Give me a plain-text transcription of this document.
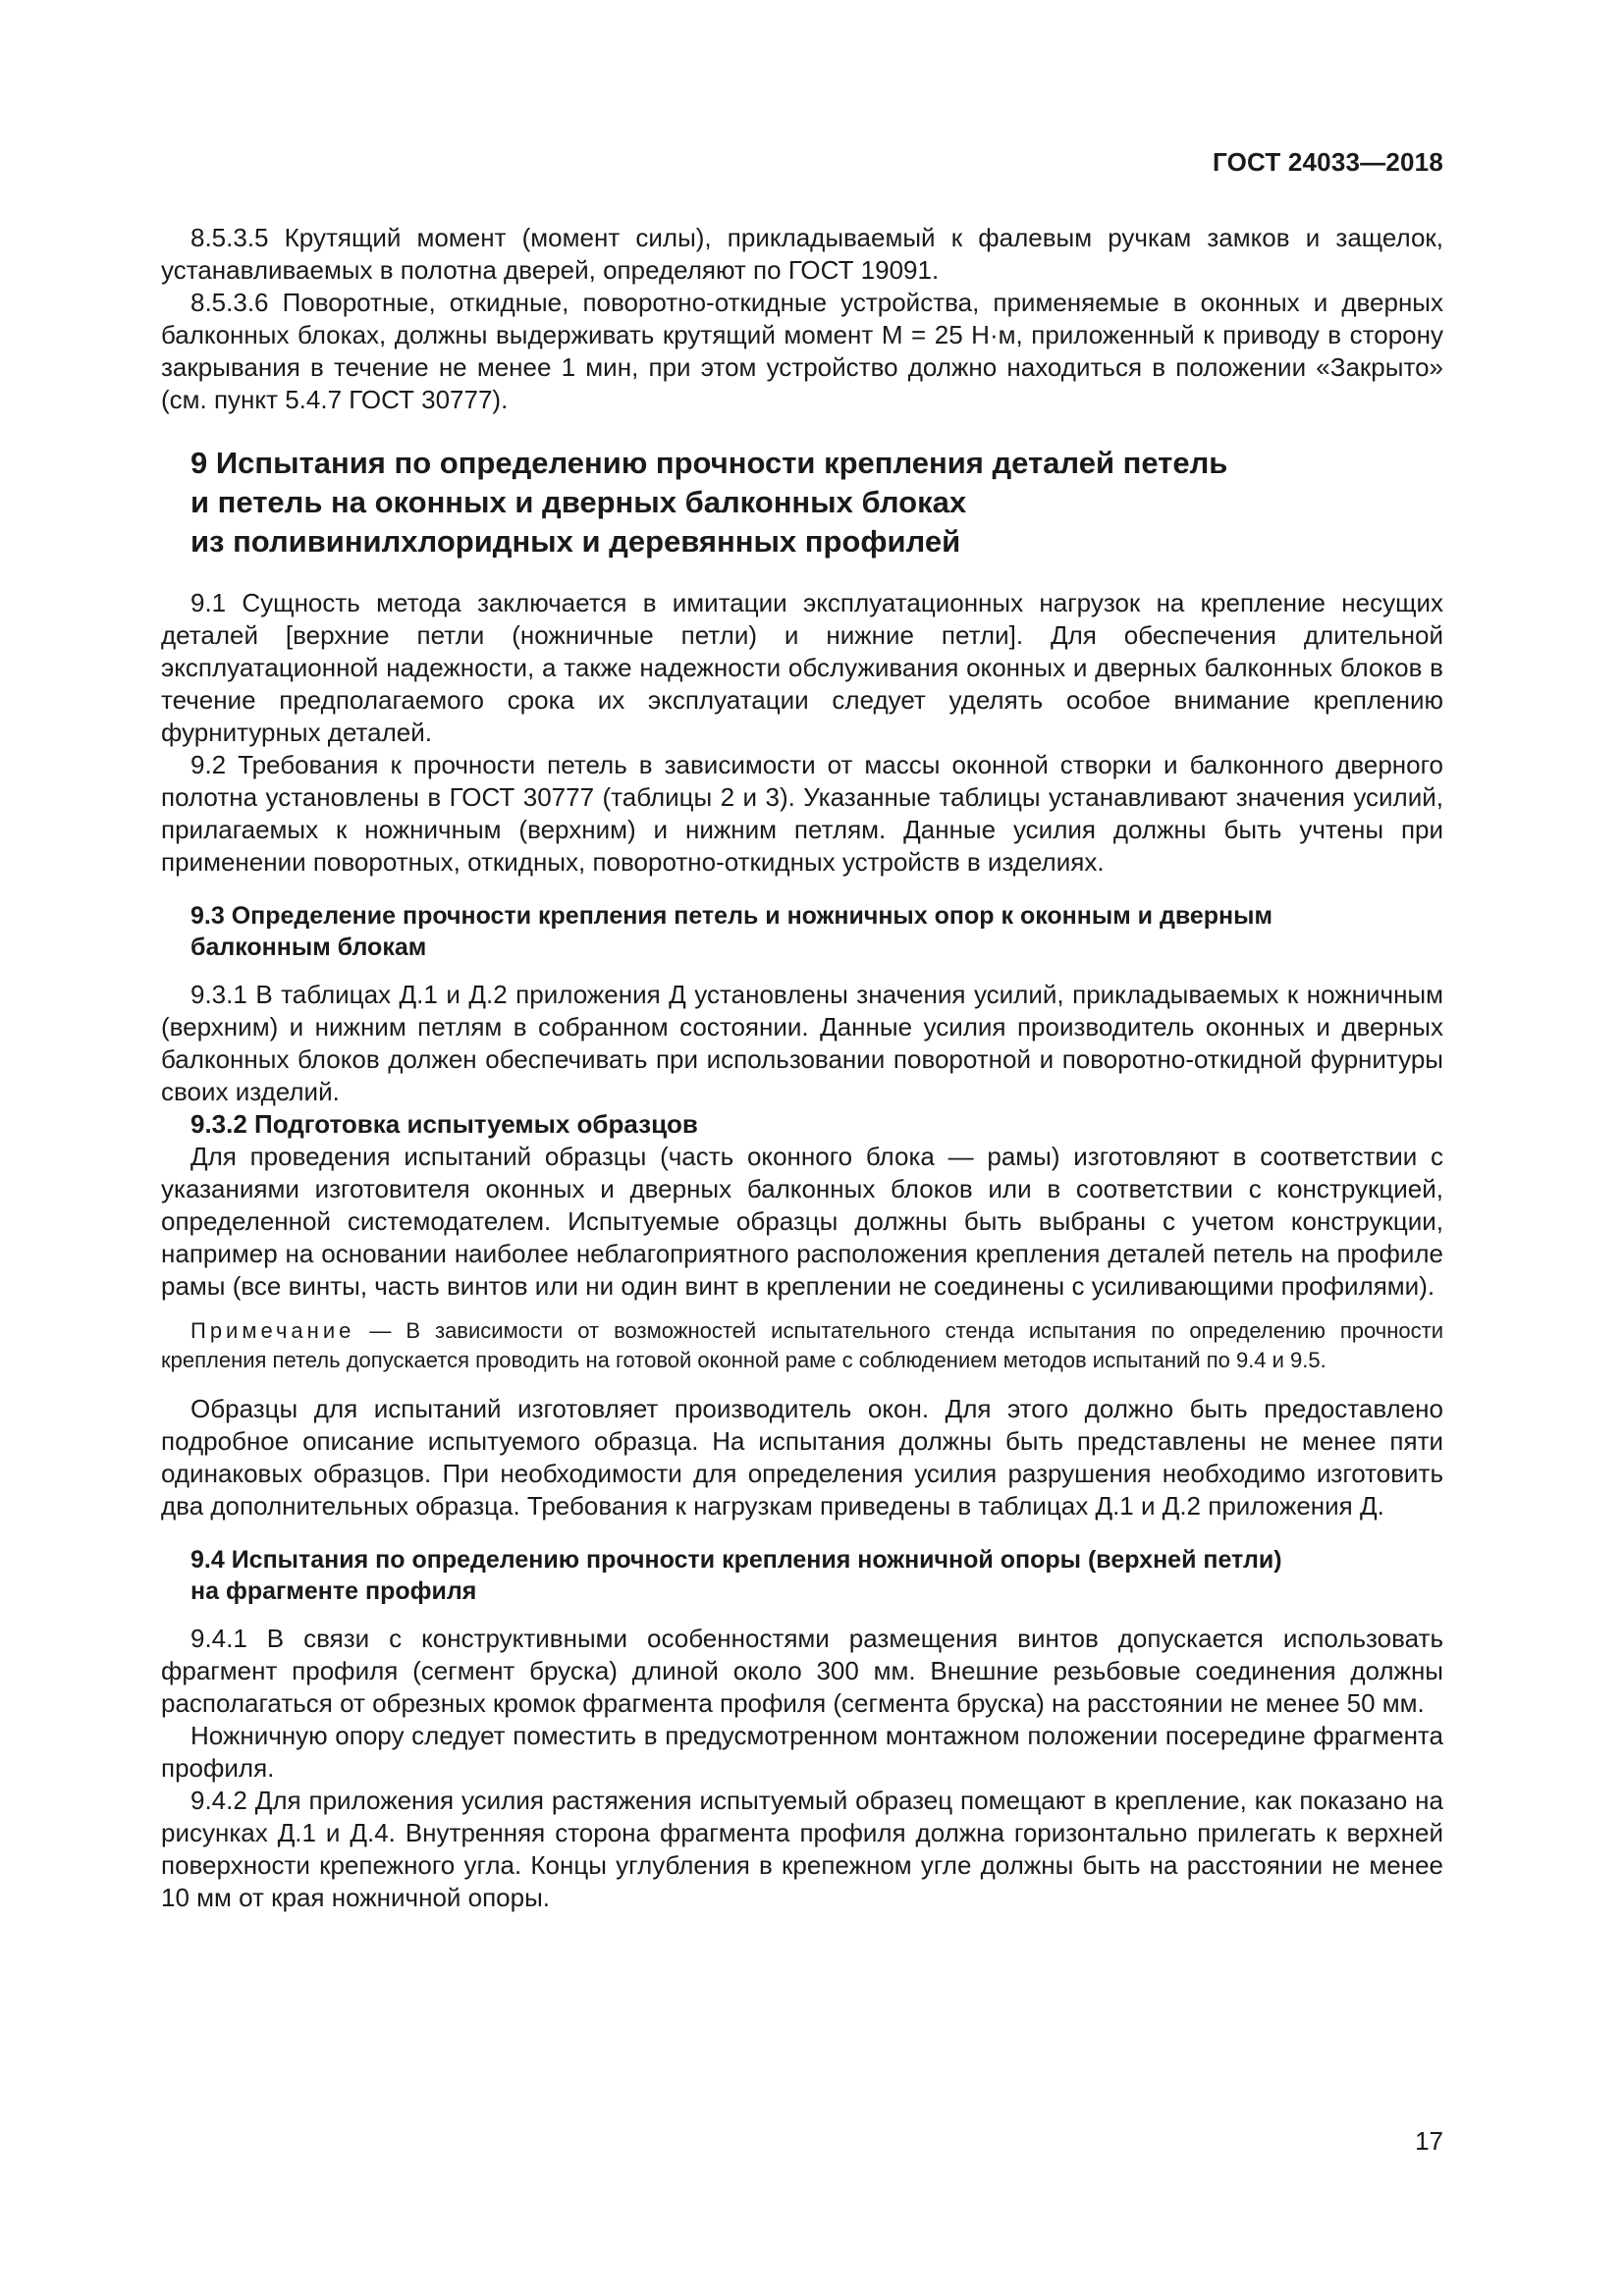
ГОСТ 24033—2018

8.5.3.5 Крутящий момент (момент силы), прикладываемый к фалевым ручкам замков и защелок, устанавливаемых в полотна дверей, определяют по ГОСТ 19091.

8.5.3.6 Поворотные, откидные, поворотно-откидные устройства, применяемые в оконных и дверных балконных блоках, должны выдерживать крутящий момент М = 25 Н·м, приложенный к приводу в сторону закрывания в течение не менее 1 мин, при этом устройство должно находиться в положении «Закрыто» (см. пункт 5.4.7 ГОСТ 30777).

9 Испытания по определению прочности крепления деталей петель
и петель на оконных и дверных балконных блоках
из поливинилхлоридных и деревянных профилей

9.1 Сущность метода заключается в имитации эксплуатационных нагрузок на крепление несущих деталей [верхние петли (ножничные петли) и нижние петли]. Для обеспечения длительной эксплуатационной надежности, а также надежности обслуживания оконных и дверных балконных блоков в течение предполагаемого срока их эксплуатации следует уделять особое внимание креплению фурнитурных деталей.

9.2 Требования к прочности петель в зависимости от массы оконной створки и балконного дверного полотна установлены в ГОСТ 30777 (таблицы 2 и 3). Указанные таблицы устанавливают значения усилий, прилагаемых к ножничным (верхним) и нижним петлям. Данные усилия должны быть учтены при применении поворотных, откидных, поворотно-откидных устройств в изделиях.

9.3 Определение прочности крепления петель и ножничных опор к оконным и дверным
балконным блокам

9.3.1 В таблицах Д.1 и Д.2 приложения Д установлены значения усилий, прикладываемых к ножничным (верхним) и нижним петлям в собранном состоянии. Данные усилия производитель оконных и дверных балконных блоков должен обеспечивать при использовании поворотной и поворотно-откидной фурнитуры своих изделий.

9.3.2 Подготовка испытуемых образцов

Для проведения испытаний образцы (часть оконного блока — рамы) изготовляют в соответствии с указаниями изготовителя оконных и дверных балконных блоков или в соответствии с конструкцией, определенной системодателем. Испытуемые образцы должны быть выбраны с учетом конструкции, например на основании наиболее неблагоприятного расположения крепления деталей петель на профиле рамы (все винты, часть винтов или ни один винт в креплении не соединены с усиливающими профилями).

Примечание — В зависимости от возможностей испытательного стенда испытания по определению прочности крепления петель допускается проводить на готовой оконной раме с соблюдением методов испытаний по 9.4 и 9.5.

Образцы для испытаний изготовляет производитель окон. Для этого должно быть предоставлено подробное описание испытуемого образца. На испытания должны быть представлены не менее пяти одинаковых образцов. При необходимости для определения усилия разрушения необходимо изготовить два дополнительных образца. Требования к нагрузкам приведены в таблицах Д.1 и Д.2 приложения Д.

9.4 Испытания по определению прочности крепления ножничной опоры (верхней петли)
на фрагменте профиля

9.4.1 В связи с конструктивными особенностями размещения винтов допускается использовать фрагмент профиля (сегмент бруска) длиной около 300 мм. Внешние резьбовые соединения должны располагаться от обрезных кромок фрагмента профиля (сегмента бруска) на расстоянии не менее 50 мм.

Ножничную опору следует поместить в предусмотренном монтажном положении посередине фрагмента профиля.

9.4.2 Для приложения усилия растяжения испытуемый образец помещают в крепление, как показано на рисунках Д.1 и Д.4. Внутренняя сторона фрагмента профиля должна горизонтально прилегать к верхней поверхности крепежного угла. Концы углубления в крепежном угле должны быть на расстоянии не менее 10 мм от края ножничной опоры.

17
